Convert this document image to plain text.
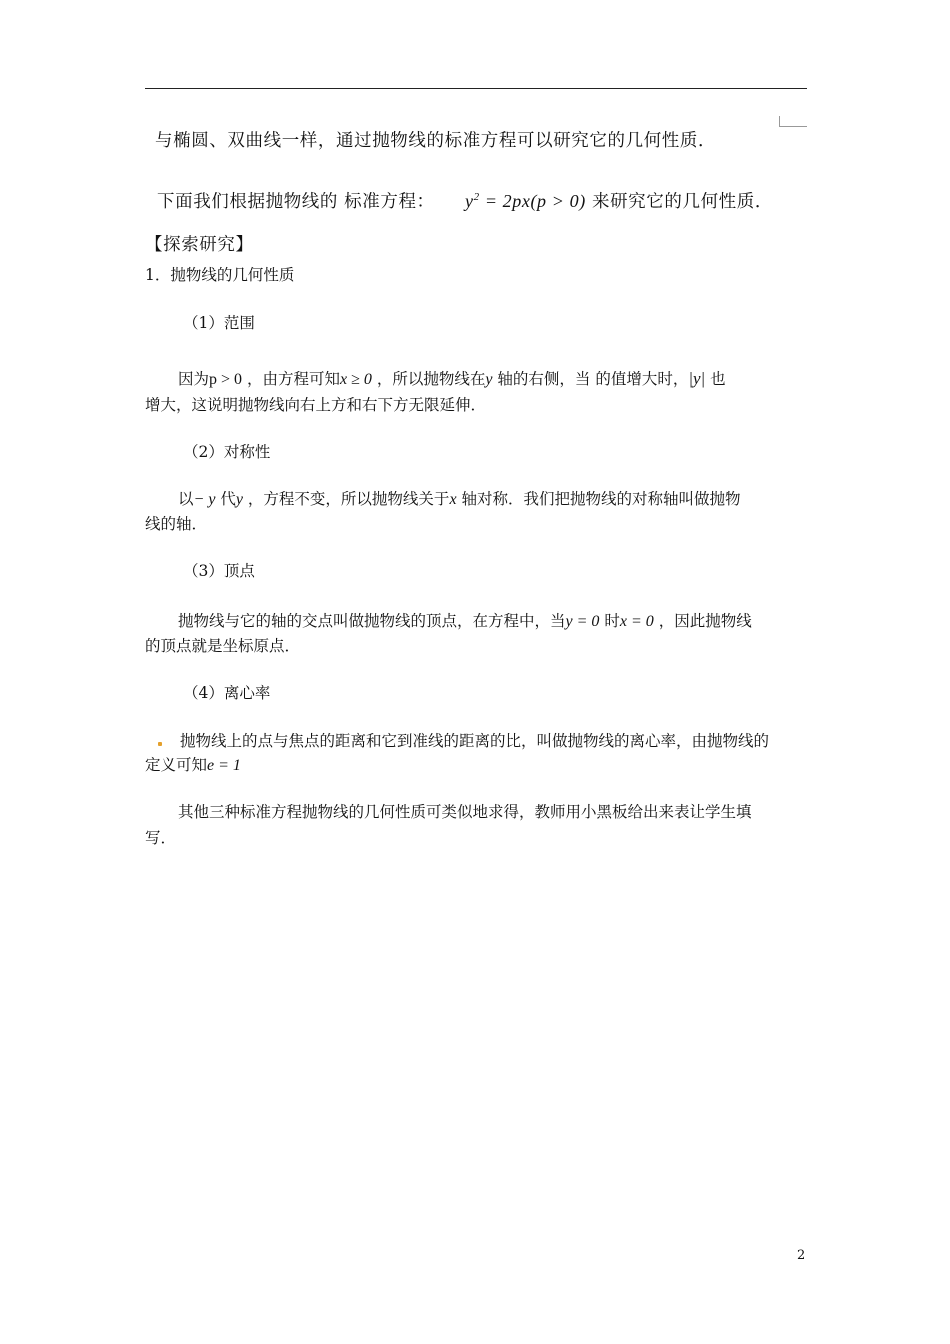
与椭圆、双曲线一样，通过抛物线的标准方程可以研究它的几何性质．
下面我们根据抛物线的 标准方程： $y^2 = 2px(p > 0)$ 来研究它的几何性质．
【探索研究】
1．抛物线的几何性质
（1）范围
因为p > 0 ，由方程可知x ≥ 0 ，所以抛物线在y 轴的右侧，当 的值增大时，|y| 也
增大，这说明抛物线向右上方和右下方无限延伸．
（2）对称性
以− y 代y ，方程不变，所以抛物线关于x 轴对称．我们把抛物线的对称轴叫做抛物
线的轴．
（3）顶点
抛物线与它的轴的交点叫做抛物线的顶点，在方程中，当y = 0 时x = 0 ，因此抛物线
的顶点就是坐标原点．
（4）离心率
抛物线上的点与焦点的距离和它到准线的距离的比，叫做抛物线的离心率，由抛物线的
定义可知e = 1
其他三种标准方程抛物线的几何性质可类似地求得，教师用小黑板给出来表让学生填
写．
2
